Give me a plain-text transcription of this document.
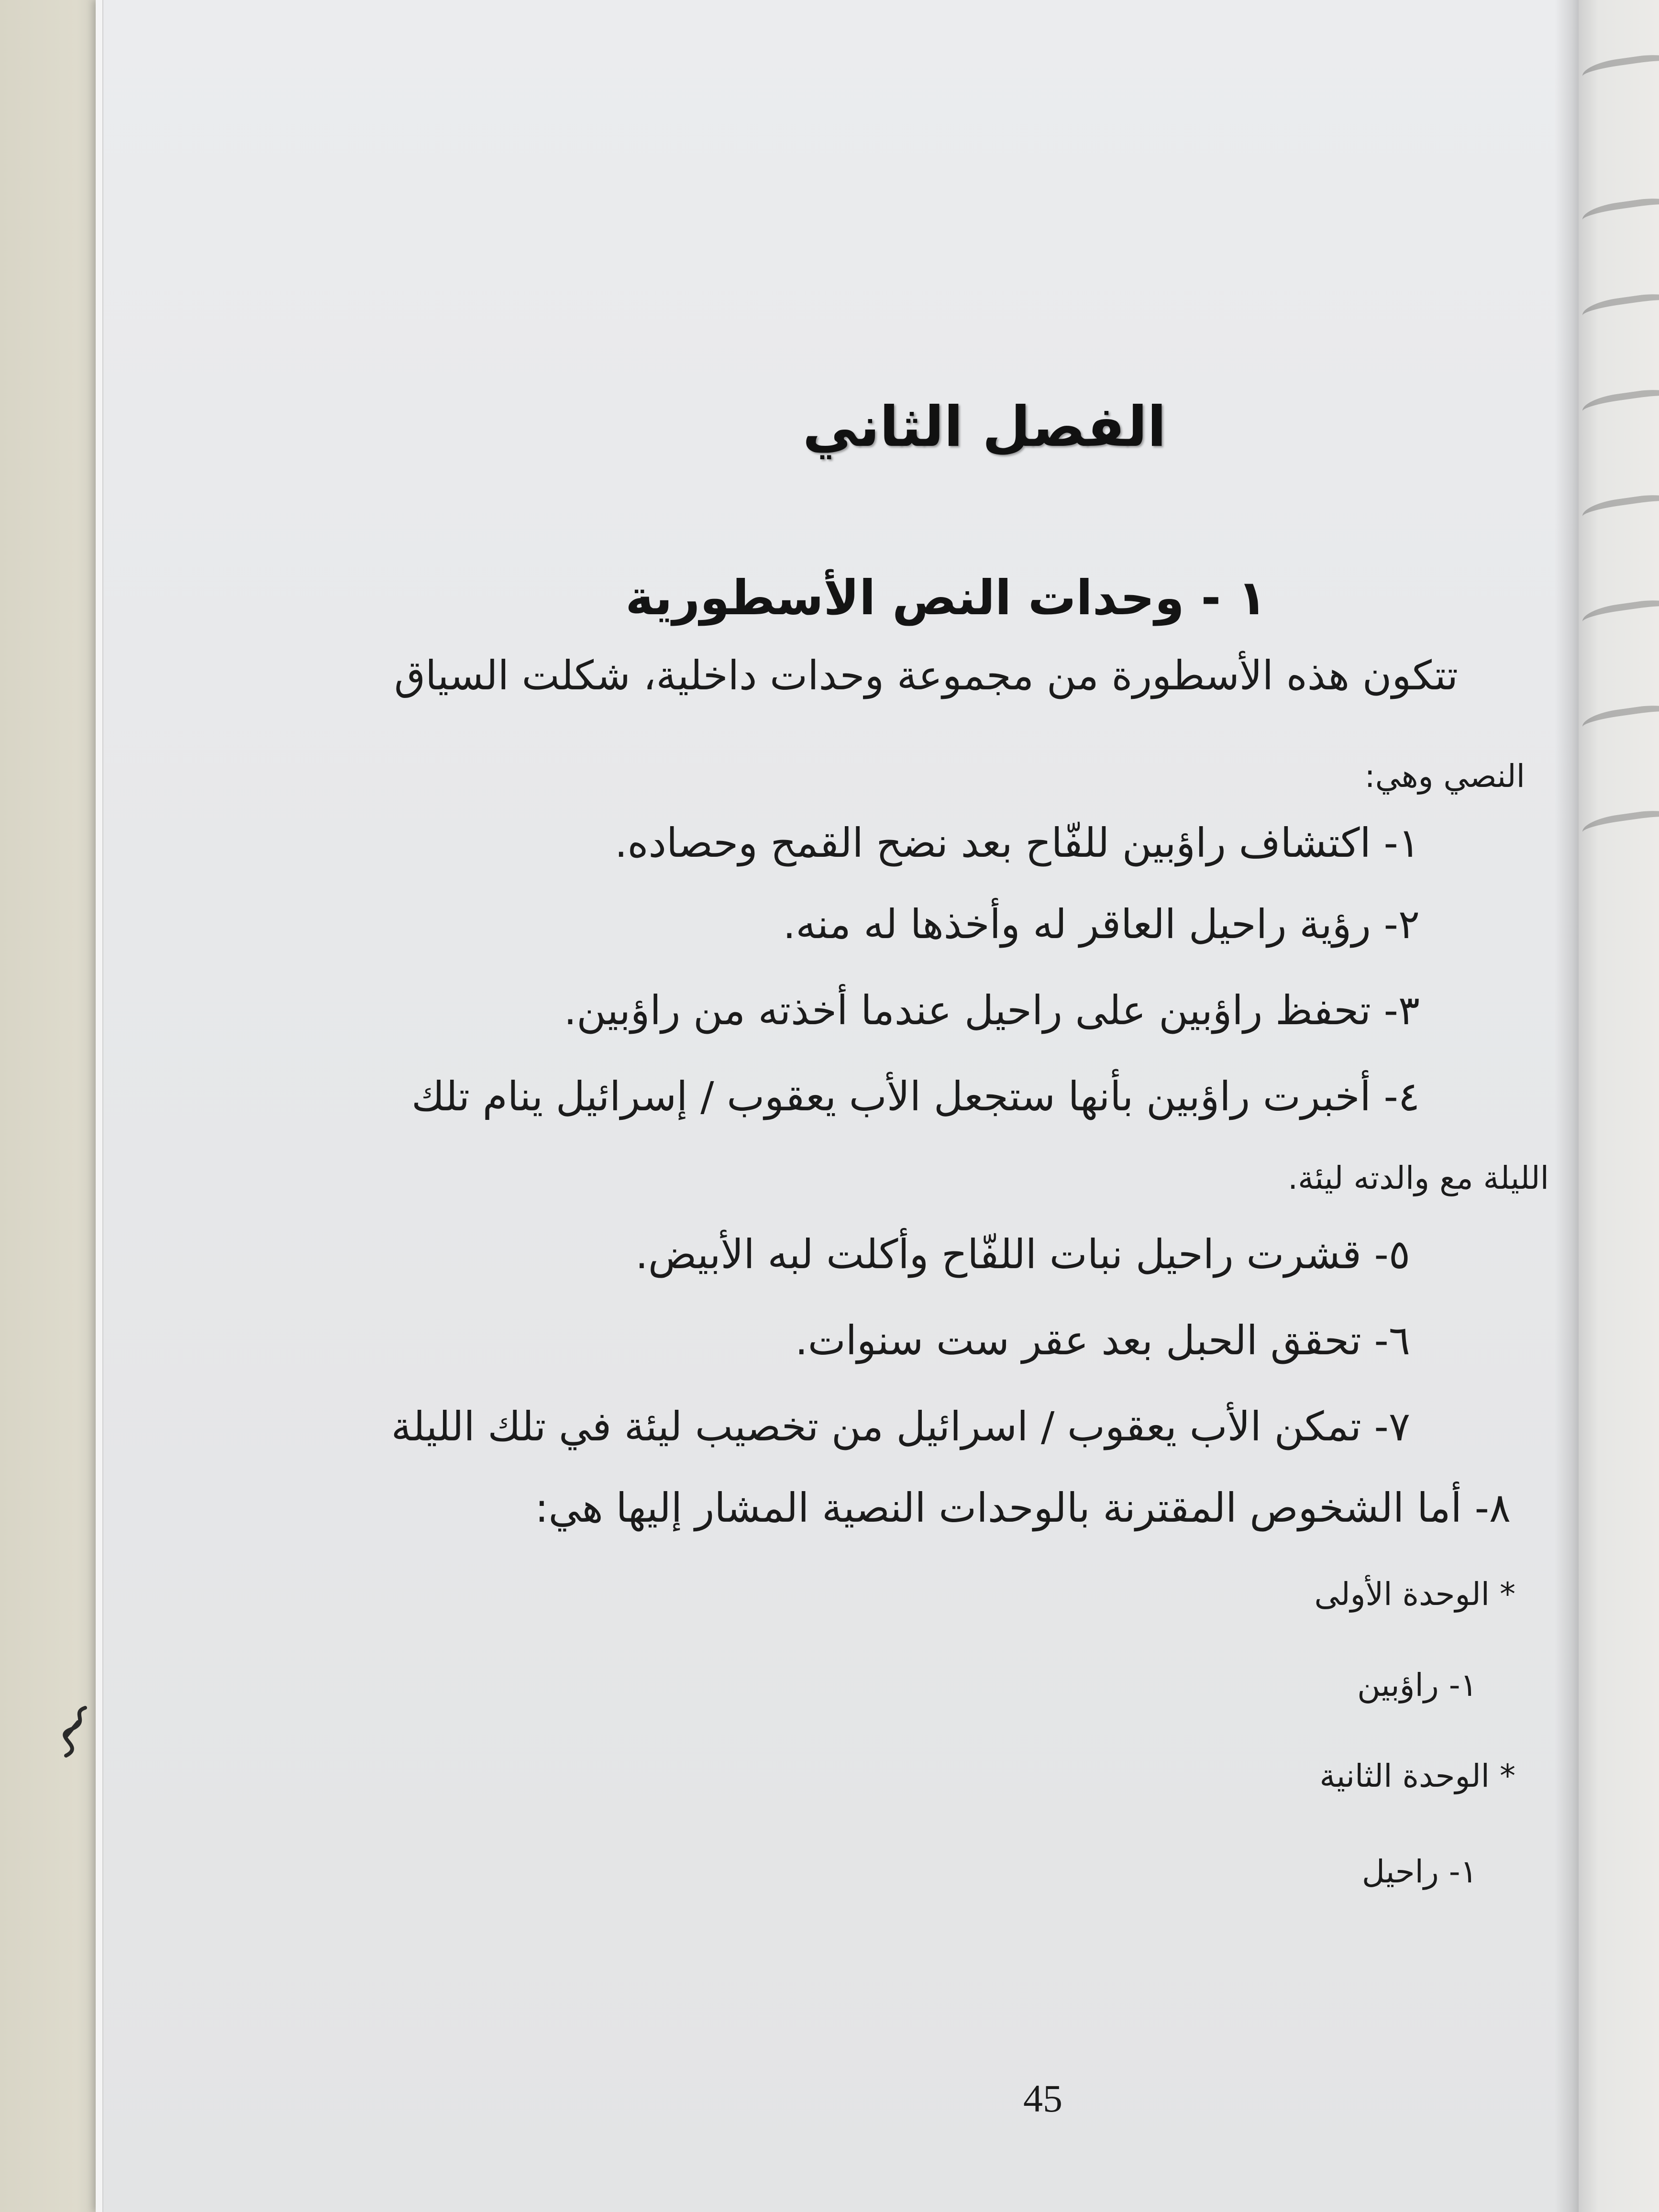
الفصل الثاني
١ - وحدات النص الأسطورية
تتكون هذه الأسطورة من مجموعة وحدات داخلية، شكلت السياق
النصي وهي:
١- اكتشاف راؤبين للفّاح بعد نضح القمح وحصاده.
٢- رؤية راحيل العاقر له وأخذها له منه.
٣- تحفظ راؤبين على راحيل عندما أخذته من راؤبين.
٤- أخبرت راؤبين بأنها ستجعل الأب يعقوب / إسرائيل ينام تلك
الليلة مع والدته ليئة.
٥- قشرت راحيل نبات اللفّاح وأكلت لبه الأبيض.
٦- تحقق الحبل بعد عقر ست سنوات.
٧- تمكن الأب يعقوب / اسرائيل من تخصيب ليئة في تلك الليلة
٨- أما الشخوص المقترنة بالوحدات النصية المشار إليها هي:
* الوحدة الأولى
١- راؤبين
* الوحدة الثانية
١- راحيل
45
